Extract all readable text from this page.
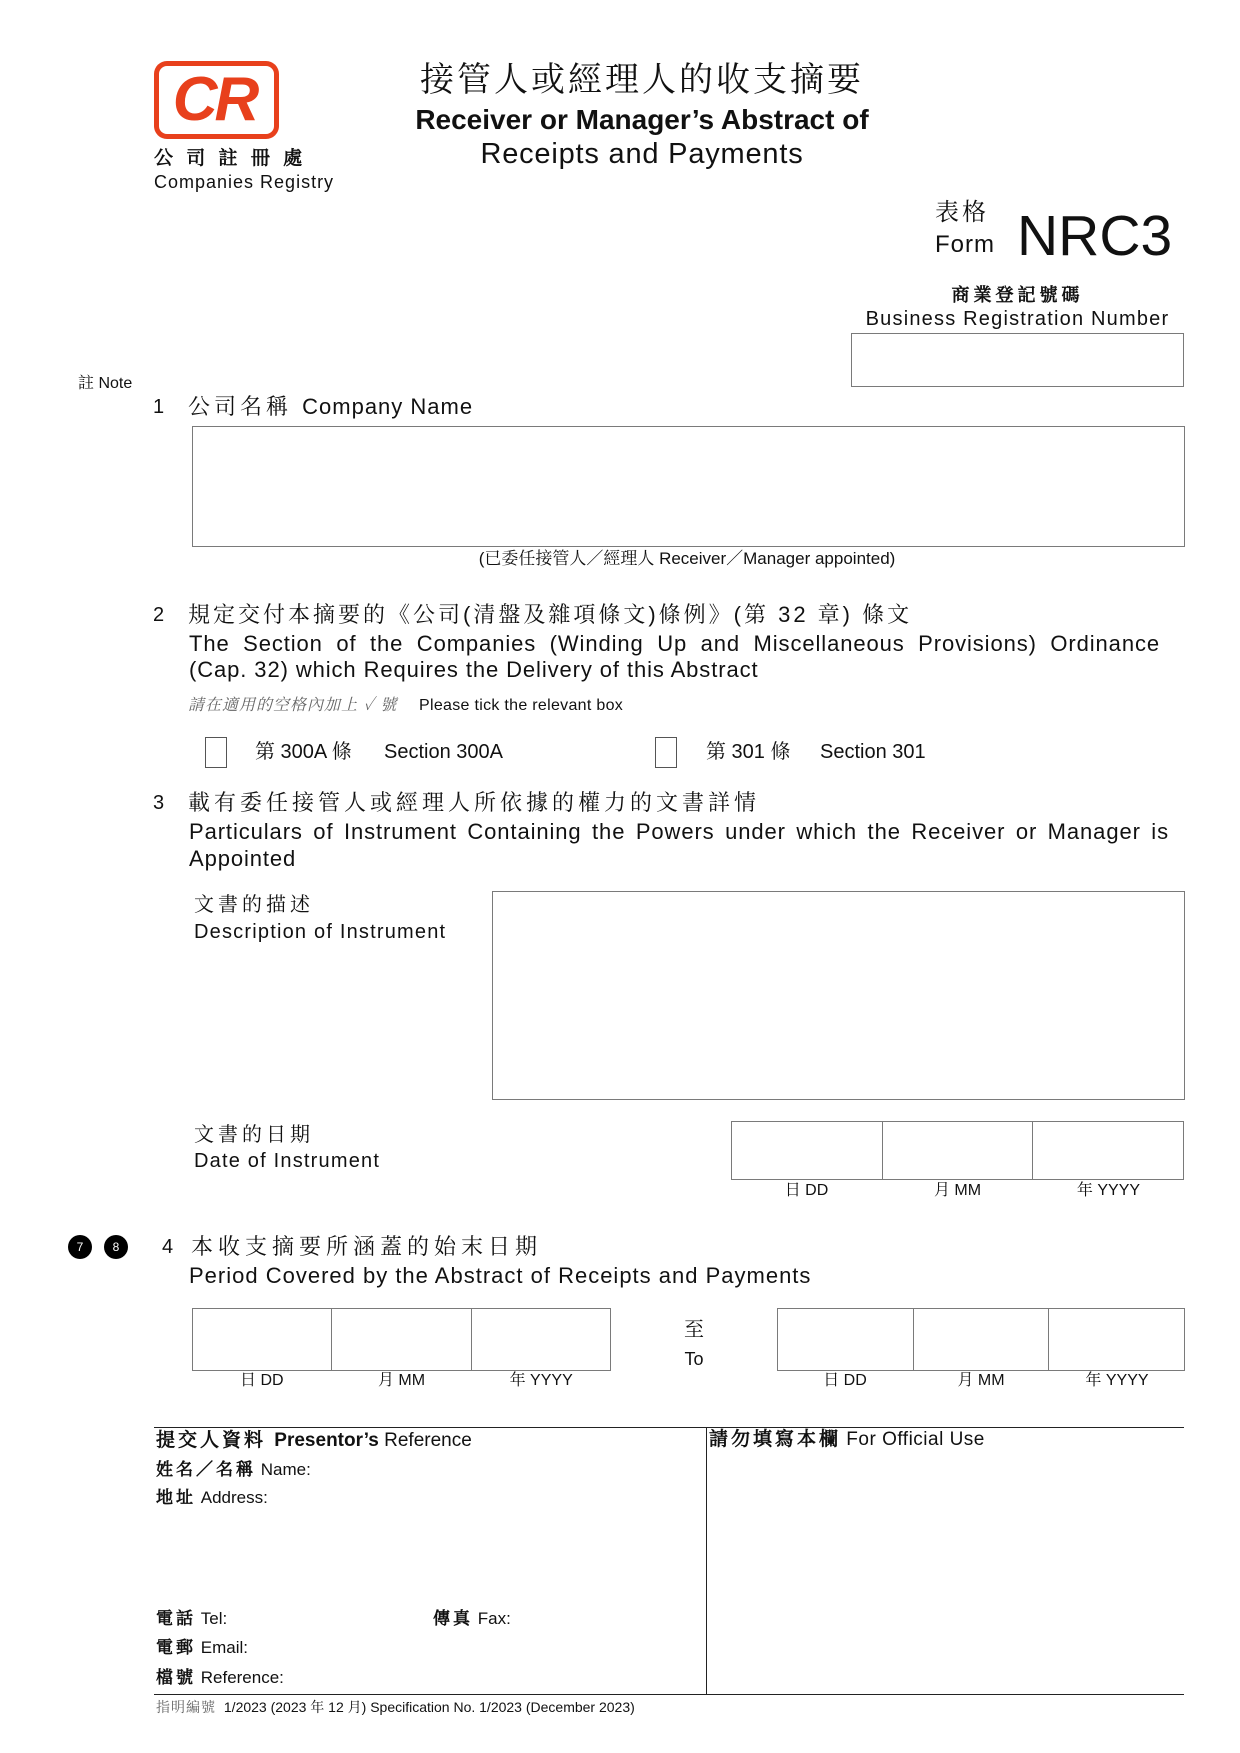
CR
公 司 註 冊 處
Companies Registry
接管人或經理人的收支摘要
Receiver or Manager’s Abstract of
Receipts and Payments
表格
Form NRC3
商業登記號碼
Business Registration Number
註 Note
1 公司名稱 Company Name
(已委任接管人／經理人 Receiver／Manager appointed)
2 規定交付本摘要的《公司(清盤及雜項條文)條例》(第 32 章) 條文
The Section of the Companies (Winding Up and Miscellaneous Provisions) Ordinance
(Cap. 32) which Requires the Delivery of this Abstract
請在適用的空格內加上 ✓ 號 Please tick the relevant box
第 300A 條 Section 300A	第 301 條 Section 301
3 載有委任接管人或經理人所依據的權力的文書詳情
Particulars of Instrument Containing the Powers under which the Receiver or Manager is
Appointed
文書的描述
Description of Instrument
文書的日期
Date of Instrument
日 DD	月 MM	年 YYYY
7	8	4 本收支摘要所涵蓋的始末日期
Period Covered by the Abstract of Receipts and Payments
日 DD	月 MM	年 YYYY
至
To
日 DD	月 MM	年 YYYY
提交人資料 Presentor’s Reference
姓名／名稱 Name:
地址 Address:
電話 Tel:	傳真 Fax:
電郵 Email:
檔號 Reference:
請勿填寫本欄 For Official Use
指明編號 1/2023 (2023 年 12 月) Specification No. 1/2023 (December 2023)
